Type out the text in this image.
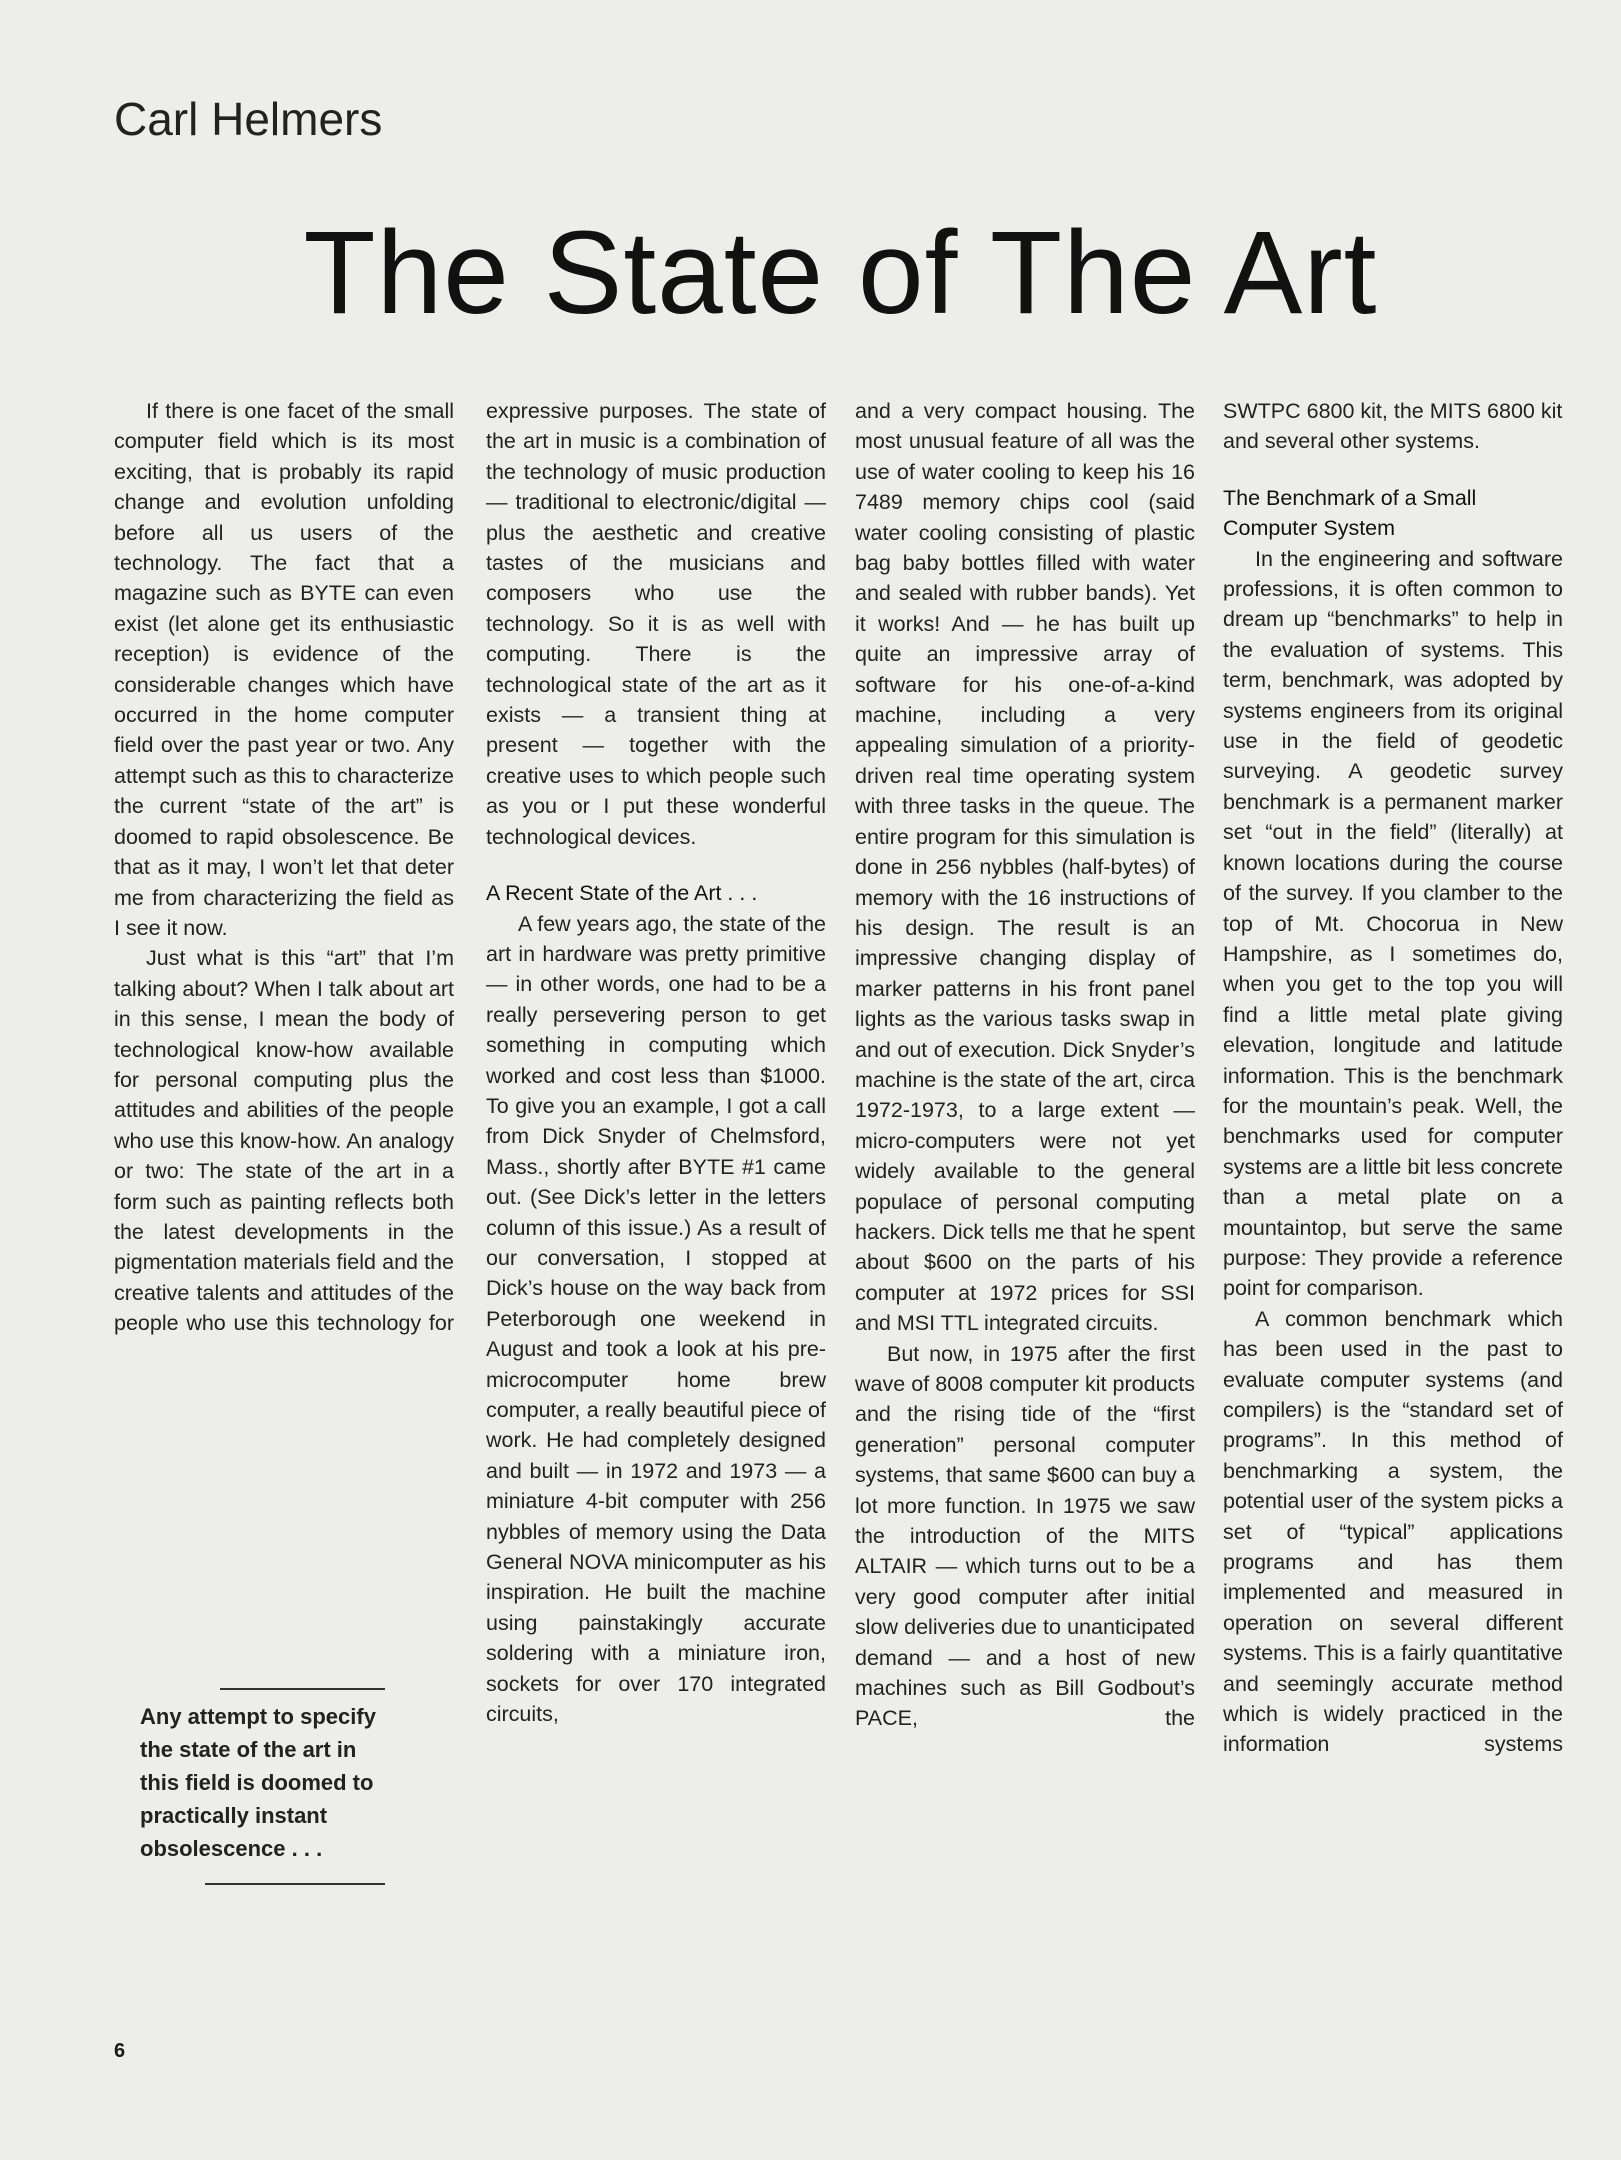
Carl Helmers
The State of The Art

If there is one facet of the small computer field which is its most exciting, that is probably its rapid change and evolution unfolding before all us users of the technology. The fact that a magazine such as BYTE can even exist (let alone get its enthusiastic reception) is evidence of the considerable changes which have occurred in the home computer field over the past year or two. Any attempt such as this to characterize the current “state of the art” is doomed to rapid obsolescence. Be that as it may, I won’t let that deter me from characterizing the field as I see it now.

Just what is this “art” that I’m talking about? When I talk about art in this sense, I mean the body of technological know-how available for personal computing plus the attitudes and abilities of the people who use this know-how. An analogy or two: The state of the art in a form such as painting reflects both the latest developments in the pigmentation materials field and the creative talents and attitudes of the people who use this technology for

Any attempt to specify the state of the art in this field is doomed to practically instant obsolescence . . .

expressive purposes. The state of the art in music is a combination of the technology of music production — traditional to electronic/digital — plus the aesthetic and creative tastes of the musicians and composers who use the technology. So it is as well with computing. There is the technological state of the art as it exists — a transient thing at present — together with the creative uses to which people such as you or I put these wonderful technological devices.

A Recent State of the Art . . .

A few years ago, the state of the art in hardware was pretty primitive — in other words, one had to be a really persevering person to get something in computing which worked and cost less than $1000. To give you an example, I got a call from Dick Snyder of Chelmsford, Mass., shortly after BYTE #1 came out. (See Dick’s letter in the letters column of this issue.) As a result of our conversation, I stopped at Dick’s house on the way back from Peterborough one weekend in August and took a look at his pre-microcomputer home brew computer, a really beautiful piece of work. He had completely designed and built — in 1972 and 1973 — a miniature 4-bit computer with 256 nybbles of memory using the Data General NOVA minicomputer as his inspiration. He built the machine using painstakingly accurate soldering with a miniature iron, sockets for over 170 integrated circuits,

and a very compact housing. The most unusual feature of all was the use of water cooling to keep his 16 7489 memory chips cool (said water cooling consisting of plastic bag baby bottles filled with water and sealed with rubber bands). Yet it works! And — he has built up quite an impressive array of software for his one-of-a-kind machine, including a very appealing simulation of a priority-driven real time operating system with three tasks in the queue. The entire program for this simulation is done in 256 nybbles (half-bytes) of memory with the 16 instructions of his design. The result is an impressive changing display of marker patterns in his front panel lights as the various tasks swap in and out of execution. Dick Snyder’s machine is the state of the art, circa 1972-1973, to a large extent — micro-computers were not yet widely available to the general populace of personal computing hackers. Dick tells me that he spent about $600 on the parts of his computer at 1972 prices for SSI and MSI TTL integrated circuits.

But now, in 1975 after the first wave of 8008 computer kit products and the rising tide of the “first generation” personal computer systems, that same $600 can buy a lot more function. In 1975 we saw the introduction of the MITS ALTAIR — which turns out to be a very good computer after initial slow deliveries due to unanticipated demand — and a host of new machines such as Bill Godbout’s PACE, the

SWTPC 6800 kit, the MITS 6800 kit and several other systems.

The Benchmark of a Small Computer System

In the engineering and software professions, it is often common to dream up “benchmarks” to help in the evaluation of systems. This term, benchmark, was adopted by systems engineers from its original use in the field of geodetic surveying. A geodetic survey benchmark is a permanent marker set “out in the field” (literally) at known locations during the course of the survey. If you clamber to the top of Mt. Chocorua in New Hampshire, as I sometimes do, when you get to the top you will find a little metal plate giving elevation, longitude and latitude information. This is the benchmark for the mountain’s peak. Well, the benchmarks used for computer systems are a little bit less concrete than a metal plate on a mountaintop, but serve the same purpose: They provide a reference point for comparison.

A common benchmark which has been used in the past to evaluate computer systems (and compilers) is the “standard set of programs”. In this method of benchmarking a system, the potential user of the system picks a set of “typical” applications programs and has them implemented and measured in operation on several different systems. This is a fairly quantitative and seemingly accurate method which is widely practiced in the information systems

6
